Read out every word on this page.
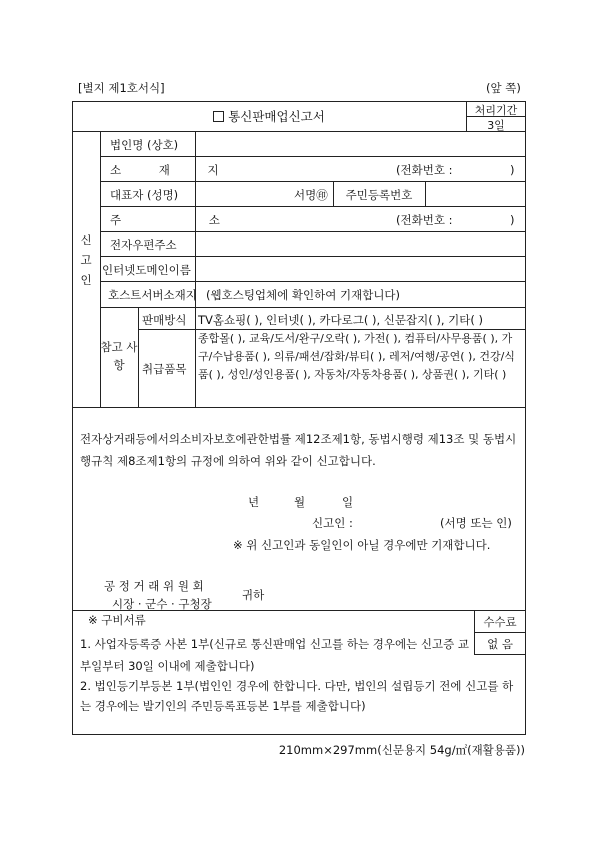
[별지 제1호서식]	(앞 쪽)
통신판매업신고서	처리기간
3일
신 고 인
법인명 (상호)
소 재 지	(전화번호 :　　　　　)
대표자 (성명)	서명㊞	주민등록번호
주 소	(전화번호 :　　　　　)
전자우편주소
인터넷도메인이름
호스트서버소재지 (웹호스팅업체에 확인하여 기재합니다)
참고 사항
판매방식 TV홈쇼핑( ), 인터넷( ), 카다로그( ), 신문잡지( ), 기타( )
취급품목
종합몰( ), 교육/도서/완구/오락( ), 가전( ), 컴퓨터/사무용품( ), 가구/수납용품( ), 의류/패션/잡화/뷰티( ), 레저/여행/공연( ), 건강/식품( ), 성인/성인용품( ), 자동차/자동차용품( ), 상품권( ), 기타( )
전자상거래등에서의소비자보호에관한법률 제12조제1항, 동법시행령 제13조 및 동법시행규칙 제8조제1항의 규정에 의하여 위와 같이 신고합니다.
년	월	일
신고인 :	(서명 또는 인)
※ 위 신고인과 동일인이 아닐 경우에만 기재합니다.
공 정 거 래 위 원 회
시장 · 군수 · 구청장
귀하
※ 구비서류	수수료
없 음
1. 사업자등록증 사본 1부(신규로 통신판매업 신고를 하는 경우에는 신고증 교부일부터 30일 이내에 제출합니다)
2. 법인등기부등본 1부(법인인 경우에 한합니다. 다만, 법인의 설립등기 전에 신고를 하는 경우에는 발기인의 주민등록표등본 1부를 제출합니다)
210mm×297mm(신문용지 54g/㎡(재활용품))
